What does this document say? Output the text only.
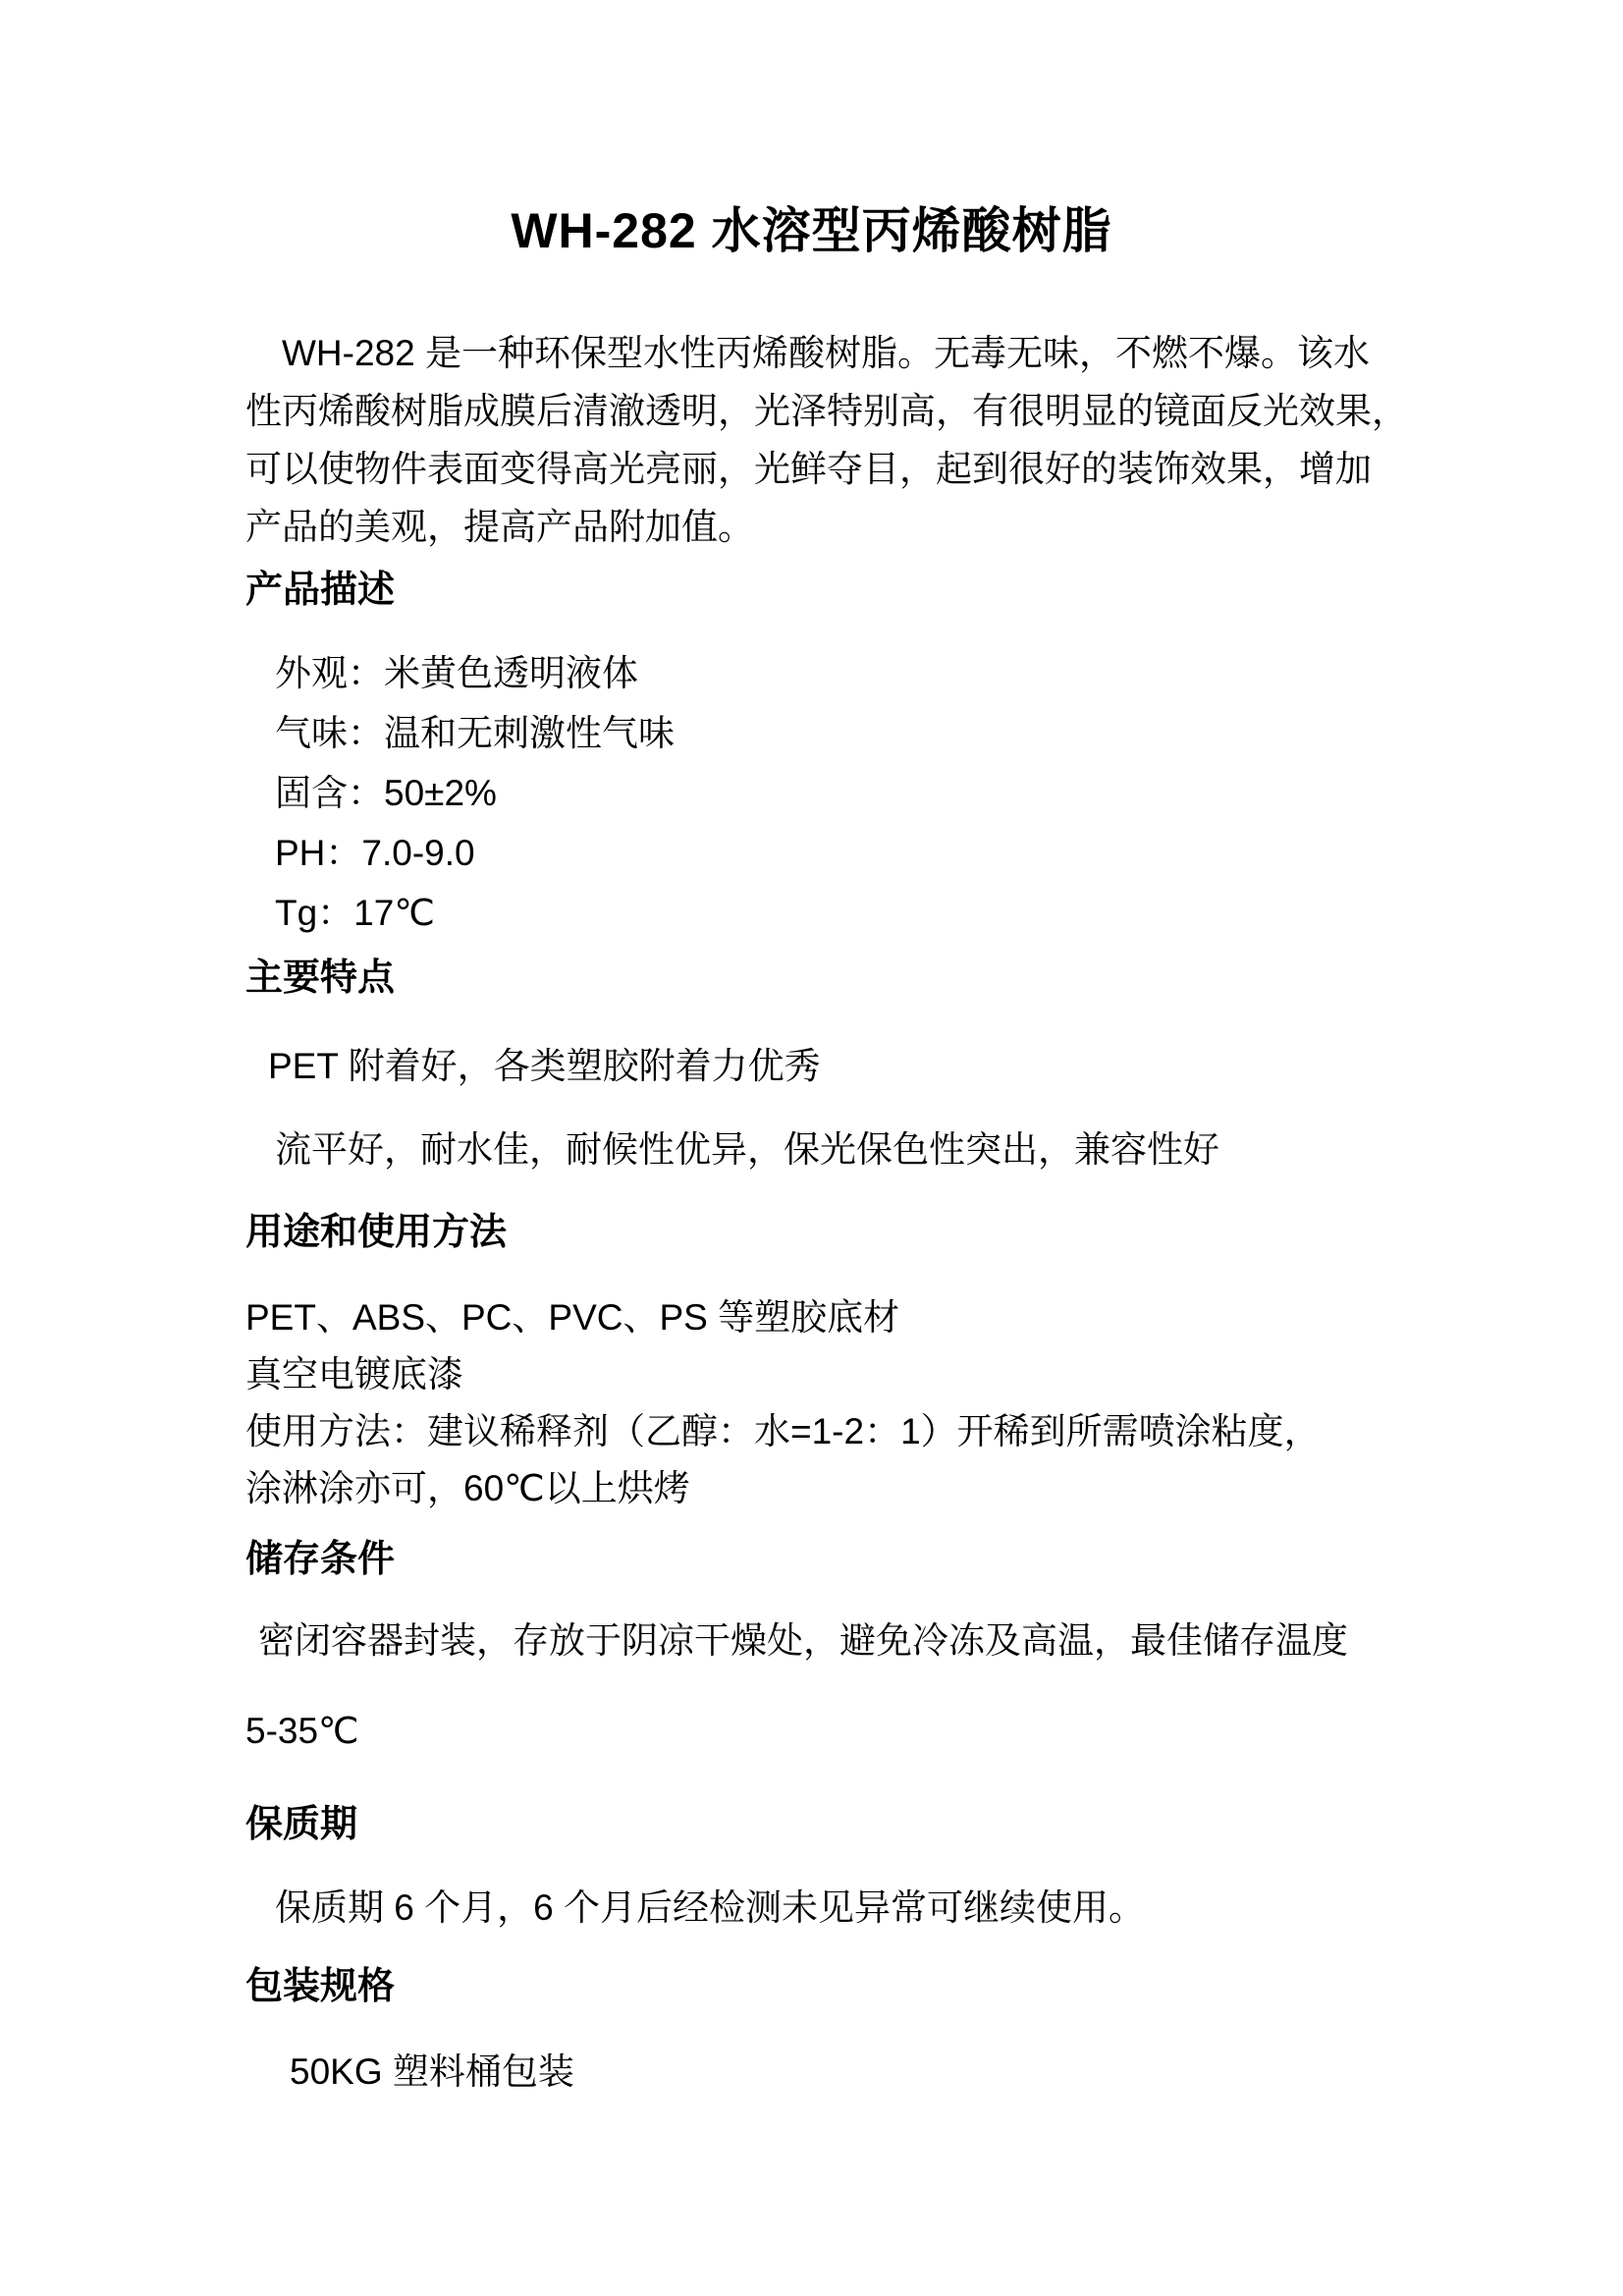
WH-282 水溶型丙烯酸树脂
WH-282 是一种环保型水性丙烯酸树脂。无毒无味，不燃不爆。该水
性丙烯酸树脂成膜后清澈透明，光泽特别高，有很明显的镜面反光效果，
可以使物件表面变得高光亮丽，光鲜夺目，起到很好的装饰效果，增加
产品的美观，提高产品附加值。
产品描述
外观：米黄色透明液体
气味：温和无刺激性气味
固含：50±2%
PH：7.0-9.0
Tg：17℃
主要特点
PET 附着好，各类塑胶附着力优秀
流平好，耐水佳，耐候性优异，保光保色性突出，兼容性好
用途和使用方法
PET、ABS、PC、PVC、PS 等塑胶底材
真空电镀底漆
使用方法：建议稀释剂（乙醇：水=1-2：1）开稀到所需喷涂粘度，
涂淋涂亦可，60℃以上烘烤
储存条件
密闭容器封装，存放于阴凉干燥处，避免冷冻及高温，最佳储存温度
5-35℃
保质期
保质期 6 个月，6 个月后经检测未见异常可继续使用。
包装规格
50KG 塑料桶包装
